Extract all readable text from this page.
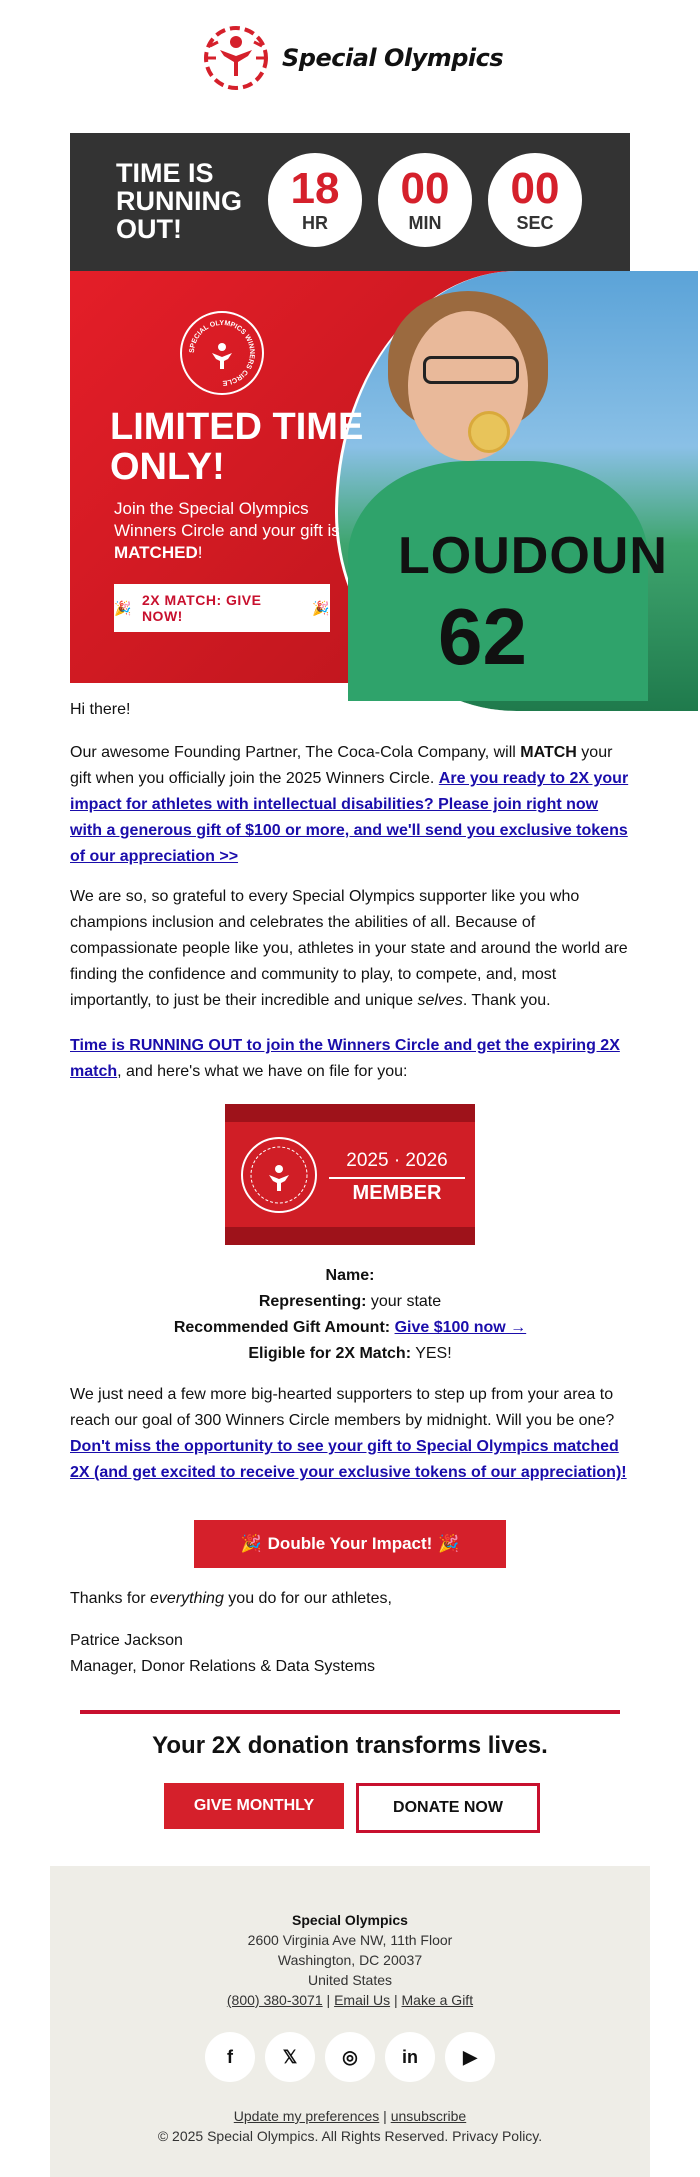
Special Olympics
TIME IS RUNNING OUT!
18
HR
00
MIN
00
SEC
LOUDOUN
62
SPECIAL OLYMPICS WINNERS CIRCLE
LIMITED TIME ONLY!
Join the Special Olympics Winners Circle and your gift is MATCHED!
🎉 2X MATCH: GIVE NOW!
🎉
Hi there!
Our awesome Founding Partner, The Coca-Cola Company, will MATCH your gift when you officially join the 2025 Winners Circle. Are you ready to 2X your impact for athletes with intellectual disabilities? Please join right now with a generous gift of $100 or more, and we'll send you exclusive tokens of our appreciation >>
We are so, so grateful to every Special Olympics supporter like you who champions inclusion and celebrates the abilities of all. Because of compassionate people like you, athletes in your state and around the world are finding the confidence and community to play, to compete, and, most importantly, to just be their incredible and unique selves. Thank you.
Time is RUNNING OUT to join the Winners Circle and get the expiring 2X match, and here's what we have on file for you:
2025 · 2026
MEMBER
Name:
Representing: your state
Recommended Gift Amount: Give $100 now →
Eligible for 2X Match: YES!
We just need a few more big-hearted supporters to step up from your area to reach our goal of 300 Winners Circle members by midnight. Will you be one? Don't miss the opportunity to see your gift to Special Olympics matched 2X (and get excited to receive your exclusive tokens of our appreciation)!
🎉 Double Your Impact! 🎉
Thanks for everything you do for our athletes,
Patrice Jackson
Manager, Donor Relations & Data Systems
Your 2X donation transforms lives.
GIVE MONTHLY	DONATE NOW
Special Olympics
2600 Virginia Ave NW, 11th Floor
Washington, DC 20037
United States
(800) 380-3071 | Email Us | Make a Gift
Update my preferences | unsubscribe
© 2025 Special Olympics. All Rights Reserved. Privacy Policy.
f	𝕏	◎	in	▶
